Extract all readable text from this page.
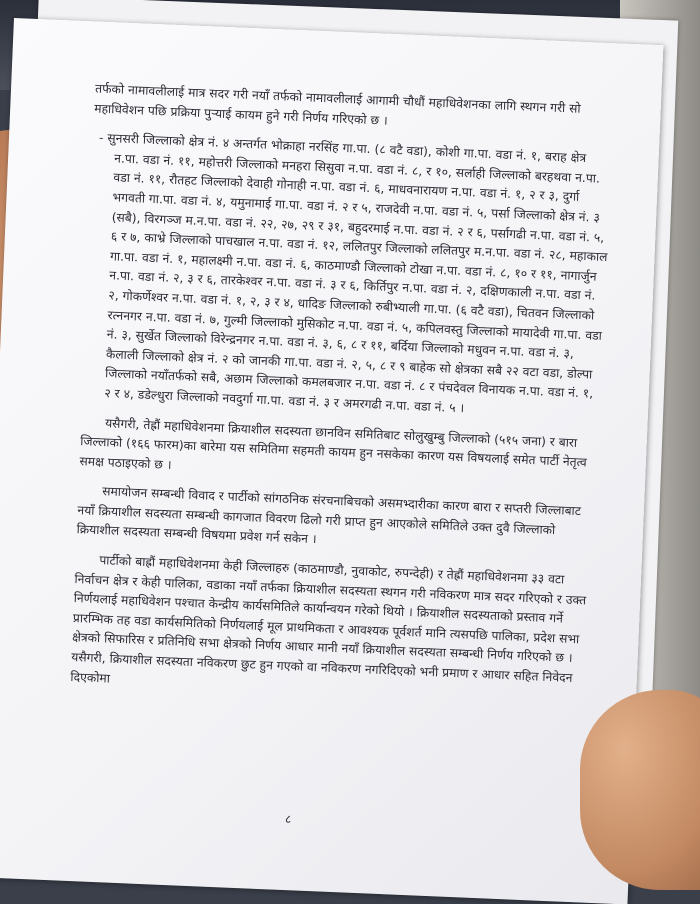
तर्फको नामावलीलाई मात्र सदर गरी नयाँ तर्फको नामावलीलाई आगामी चौधौं महाधिवेशनका लागि स्थगन गरी सो महाधिवेशन पछि प्रक्रिया पुऱ्याई कायम हुने गरी निर्णय गरिएको छ ।

- सुनसरी जिल्लाको क्षेत्र नं. ४ अन्तर्गत भोक्राहा नरसिंह गा.पा. (८ वटै वडा), कोशी गा.पा. वडा नं. १, बराह क्षेत्र न.पा. वडा नं. ११, महोत्तरी जिल्लाको मनहरा सिसुवा न.पा. वडा नं. ८, र १०, सर्लाही जिल्लाको बरहथवा न.पा. वडा नं. ११, रौतहट जिल्लाको देवाही गोनाही न.पा. वडा नं. ६, माधवनारायण न.पा. वडा नं. १, २ र ३, दुर्गा भगवती गा.पा. वडा नं. ४, यमुनामाई गा.पा. वडा नं. २ र ५, राजदेवी न.पा. वडा नं. ५, पर्सा जिल्लाको क्षेत्र नं. ३ (सबै), विरगञ्ज म.न.पा. वडा नं. २२, २७, २९ र ३१, बहुदरमाई न.पा. वडा नं. २ र ६, पर्सागढी न.पा. वडा नं. ५, ६ र ७, काभ्रे जिल्लाको पाचखाल न.पा. वडा नं. १२, ललितपुर जिल्लाको ललितपुर म.न.पा. वडा नं. २८, महाकाल गा.पा. वडा नं. १, महालक्ष्मी न.पा. वडा नं. ६, काठमाण्डौ जिल्लाको टोखा न.पा. वडा नं. ८, १० र ११, नागार्जुन न.पा. वडा नं. २, ३ र ६, तारकेश्वर न.पा. वडा नं. ३ र ६, किर्तिपुर न.पा. वडा नं. २, दक्षिणकाली न.पा. वडा नं. २, गोकर्णेश्वर न.पा. वडा नं. १, २, ३ र ४, धादिङ जिल्लाको रुबीभ्याली गा.पा. (६ वटै वडा), चितवन जिल्लाको रत्ननगर न.पा. वडा नं. ७, गुल्मी जिल्लाको मुसिकोट न.पा. वडा नं. ५, कपिलवस्तु जिल्लाको मायादेवी गा.पा. वडा नं. ३, सुर्खेत जिल्लाको विरेन्द्रनगर न.पा. वडा नं. ३, ६, ८ र ११, बर्दिया जिल्लाको मधुवन न.पा. वडा नं. ३, कैलाली जिल्लाको क्षेत्र नं. २ को जानकी गा.पा. वडा नं. २, ५, ८ र ९ बाहेक सो क्षेत्रका सबै २२ वटा वडा, डोल्पा जिल्लाको नयाँतर्फको सबै, अछाम जिल्लाको कमलबजार न.पा. वडा नं. ८ र पंचदेवल विनायक न.पा. वडा नं. १, २ र ४, डडेल्धुरा जिल्लाको नवदुर्गा गा.पा. वडा नं. ३ र अमरगढी न.पा. वडा नं. ५ ।

यसैगरी, तेह्रौं महाधिवेशनमा क्रियाशील सदस्यता छानविन समितिबाट सोलुखुम्बु जिल्लाको (५१५ जना) र बारा जिल्लाको (१६६ फारम)का बारेमा यस समितिमा सहमती कायम हुन नसकेका कारण यस विषयलाई समेत पार्टी नेतृत्व समक्ष पठाइएको छ ।

समायोजन सम्बन्धी विवाद र पार्टीको सांगठनिक संरचनाबिचको असमभ्दारीका कारण बारा र सप्तरी जिल्लाबाट नयाँ क्रियाशील सदस्यता सम्बन्धी कागजात विवरण ढिलो गरी प्राप्त हुन आएकोले समितिले उक्त दुवै जिल्लाको क्रियाशील सदस्यता सम्बन्धी विषयमा प्रवेश गर्न सकेन ।

पार्टीको बाह्रौं महाधिवेशनमा केही जिल्लाहरु (काठमाण्डौ, नुवाकोट, रुपन्देही) र तेह्रौं महाधिवेशनमा ३३ वटा निर्वाचन क्षेत्र र केही पालिका, वडाका नयाँ तर्फका क्रियाशील सदस्यता स्थगन गरी नविकरण मात्र सदर गरिएको र उक्त निर्णयलाई महाधिवेशन पश्चात केन्द्रीय कार्यसमितिले कार्यान्वयन गरेको थियो । क्रियाशील सदस्यताको प्रस्ताव गर्ने प्रारम्भिक तह वडा कार्यसमितिको निर्णयलाई मूल प्राथमिकता र आवश्यक पूर्वशर्त मानि त्यसपछि पालिका, प्रदेश सभा क्षेत्रको सिफारिस र प्रतिनिधि सभा क्षेत्रको निर्णय आधार मानी नयाँ क्रियाशील सदस्यता सम्बन्धी निर्णय गरिएको छ । यसैगरी, क्रियाशील सदस्यता नविकरण छुट हुन गएको वा नविकरण नगरिदिएको भनी प्रमाण र आधार सहित निवेदन दिएकोमा

८
